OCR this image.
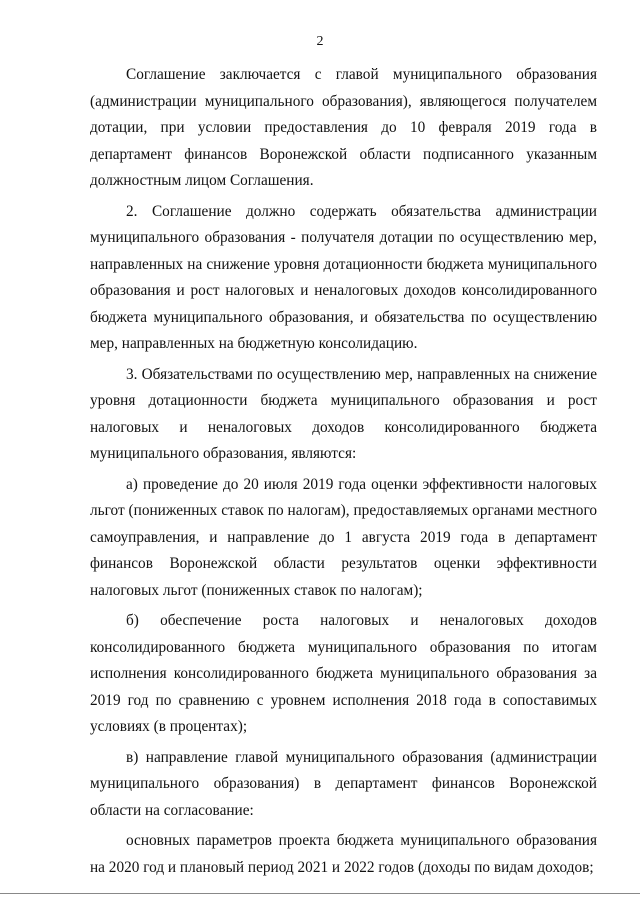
2

Соглашение заключается с главой муниципального образования (администрации муниципального образования), являющегося получателем дотации, при условии предоставления до 10 февраля 2019 года в департамент финансов Воронежской области подписанного указанным должностным лицом Соглашения.

2. Соглашение должно содержать обязательства администрации муниципального образования - получателя дотации по осуществлению мер, направленных на снижение уровня дотационности бюджета муниципального образования и рост налоговых и неналоговых доходов консолидированного бюджета муниципального образования, и обязательства по осуществлению мер, направленных на бюджетную консолидацию.

3. Обязательствами по осуществлению мер, направленных на снижение уровня дотационности бюджета муниципального образования и рост налоговых и неналоговых доходов консолидированного бюджета муниципального образования, являются:

а) проведение до 20 июля 2019 года оценки эффективности налоговых льгот (пониженных ставок по налогам), предоставляемых органами местного самоуправления, и направление до 1 августа 2019 года в департамент финансов Воронежской области результатов оценки эффективности налоговых льгот (пониженных ставок по налогам);

б) обеспечение роста налоговых и неналоговых доходов консолидированного бюджета муниципального образования по итогам исполнения консолидированного бюджета муниципального образования за 2019 год по сравнению с уровнем исполнения 2018 года в сопоставимых условиях (в процентах);

в) направление главой муниципального образования (администрации муниципального образования) в департамент финансов Воронежской области на согласование:

основных параметров проекта бюджета муниципального образования на 2020 год и плановый период 2021 и 2022 годов (доходы по видам доходов;
